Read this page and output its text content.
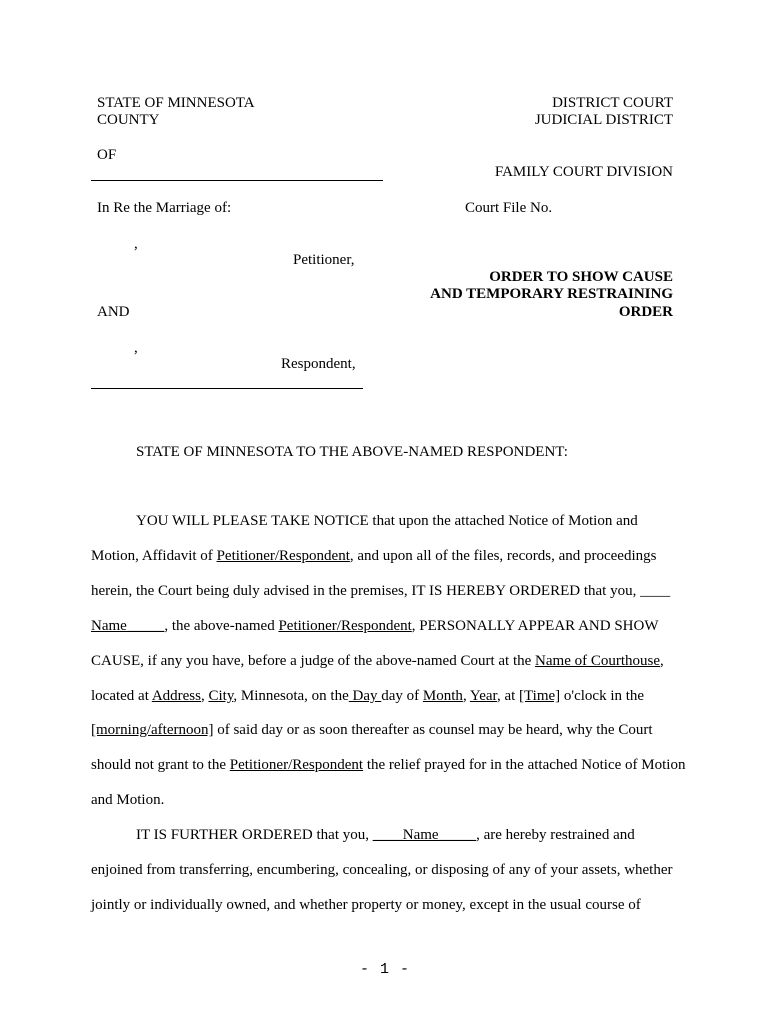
STATE OF MINNESOTA
COUNTY
OF
DISTRICT COURT
JUDICIAL DISTRICT
FAMILY COURT DIVISION
In Re the Marriage of:	Court File No.
,
Petitioner,
ORDER TO SHOW CAUSE
AND TEMPORARY RESTRAINING
ORDER
AND
,
Respondent,
STATE OF MINNESOTA TO THE ABOVE-NAMED RESPONDENT:
YOU WILL PLEASE TAKE NOTICE that upon the attached Notice of Motion and
Motion, Affidavit of Petitioner/Respondent, and upon all of the files, records, and proceedings
herein, the Court being duly advised in the premises, IT IS HEREBY ORDERED that you, ____
Name_____, the above-named Petitioner/Respondent, PERSONALLY APPEAR AND SHOW
CAUSE, if any you have, before a judge of the above-named Court at the Name of Courthouse,
located at Address, City, Minnesota, on the Day day of Month, Year, at [Time] o'clock in the
[morning/afternoon] of said day or as soon thereafter as counsel may be heard, why the Court
should not grant to the Petitioner/Respondent the relief prayed for in the attached Notice of Motion
and Motion.
IT IS FURTHER ORDERED that you, ____Name_____, are hereby restrained and
enjoined from transferring, encumbering, concealing, or disposing of any of your assets, whether
jointly or individually owned, and whether property or money, except in the usual course of
- 1 -
